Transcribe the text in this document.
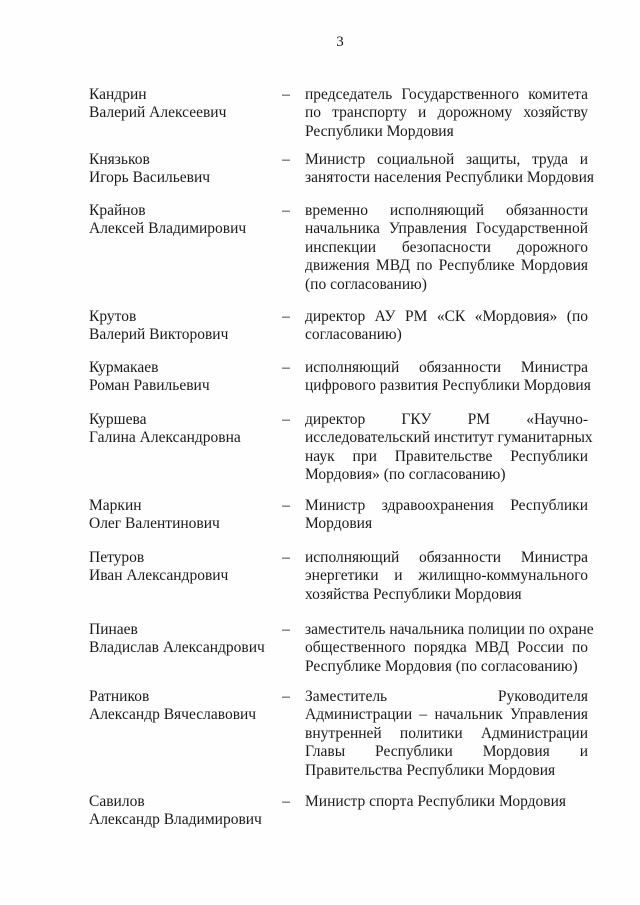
3
Кандрин
Валерий Алексеевич
– председатель Государственного комитета
по транспорту и дорожному хозяйству
Республики Мордовия
Князьков
Игорь Васильевич
– Министр социальной защиты, труда и
занятости населения Республики Мордовия
Крайнов
Алексей Владимирович
– временно исполняющий обязанности
начальника Управления Государственной
инспекции безопасности дорожного
движения МВД по Республике Мордовия
(по согласованию)
Крутов
Валерий Викторович
– директор АУ РМ «СК «Мордовия» (по
согласованию)
Курмакаев
Роман Равильевич
– исполняющий обязанности Министра
цифрового развития Республики Мордовия
Куршева
Галина Александровна
– директор ГКУ РМ «Научно-
исследовательский институт гуманитарных
наук при Правительстве Республики
Мордовия» (по согласованию)
Маркин
Олег Валентинович
– Министр здравоохранения Республики
Мордовия
Петуров
Иван Александрович
– исполняющий обязанности Министра
энергетики и жилищно-коммунального
хозяйства Республики Мордовия
Пинаев
Владислав Александрович
– заместитель начальника полиции по охране
общественного порядка МВД России по
Республике Мордовия (по согласованию)
Ратников
Александр Вячеславович
– Заместитель Руководителя
Администрации – начальник Управления
внутренней политики Администрации
Главы Республики Мордовия и
Правительства Республики Мордовия
Савилов
Александр Владимирович
– Министр спорта Республики Мордовия
